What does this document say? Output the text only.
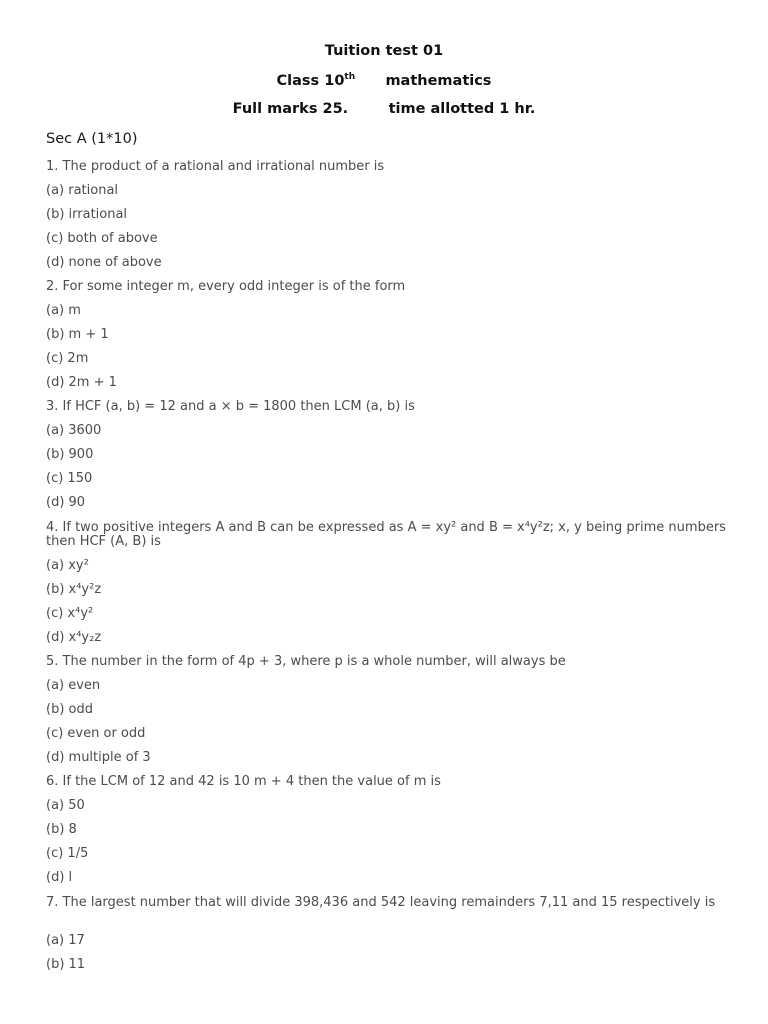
Tuition test 01
Class 10th mathematics
Full marks 25.	time allotted 1 hr.
Sec A (1*10)
1. The product of a rational and irrational number is
(a) rational
(b) irrational
(c) both of above
(d) none of above
2. For some integer m, every odd integer is of the form
(a) m
(b) m + 1
(c) 2m
(d) 2m + 1
3. If HCF (a, b) = 12 and a × b = 1800 then LCM (a, b) is
(a) 3600
(b) 900
(c) 150
(d) 90
4. If two positive integers A and B can be expressed as A = xy² and B = x⁴y²z; x, y being prime numbers then HCF (A, B) is
(a) xy²
(b) x⁴y²z
(c) x⁴y²
(d) x⁴y₂z
5. The number in the form of 4p + 3, where p is a whole number, will always be
(a) even
(b) odd
(c) even or odd
(d) multiple of 3
6. If the LCM of 12 and 42 is 10 m + 4 then the value of m is
(a) 50
(b) 8
(c) 1/5
(d) l
7. The largest number that will divide 398,436 and 542 leaving remainders 7,11 and 15 respectively is
(a) 17
(b) 11
